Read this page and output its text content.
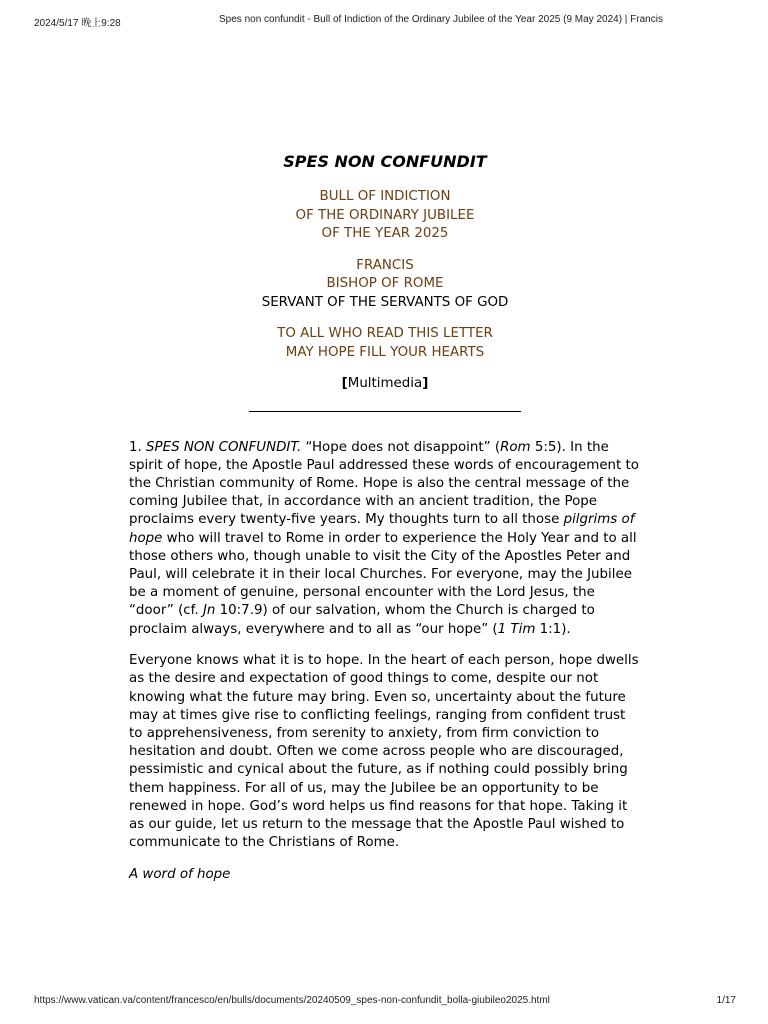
2024/5/17 晚上9:28	Spes non confundit - Bull of Indiction of the Ordinary Jubilee of the Year 2025 (9 May 2024) | Francis
SPES NON CONFUNDIT
BULL OF INDICTION
OF THE ORDINARY JUBILEE
OF THE YEAR 2025
FRANCIS
BISHOP OF ROME
SERVANT OF THE SERVANTS OF GOD
TO ALL WHO READ THIS LETTER
MAY HOPE FILL YOUR HEARTS
[Multimedia]

1. SPES NON CONFUNDIT. “Hope does not disappoint” (Rom 5:5). In the spirit of hope, the Apostle Paul addressed these words of encouragement to the Christian community of Rome. Hope is also the central message of the coming Jubilee that, in accordance with an ancient tradition, the Pope proclaims every twenty-five years. My thoughts turn to all those pilgrims of hope who will travel to Rome in order to experience the Holy Year and to all those others who, though unable to visit the City of the Apostles Peter and Paul, will celebrate it in their local Churches. For everyone, may the Jubilee be a moment of genuine, personal encounter with the Lord Jesus, the “door” (cf. Jn 10:7.9) of our salvation, whom the Church is charged to proclaim always, everywhere and to all as “our hope” (1 Tim 1:1).

Everyone knows what it is to hope. In the heart of each person, hope dwells as the desire and expectation of good things to come, despite our not knowing what the future may bring. Even so, uncertainty about the future may at times give rise to conflicting feelings, ranging from confident trust to apprehensiveness, from serenity to anxiety, from firm conviction to hesitation and doubt. Often we come across people who are discouraged, pessimistic and cynical about the future, as if nothing could possibly bring them happiness. For all of us, may the Jubilee be an opportunity to be renewed in hope. God’s word helps us find reasons for that hope. Taking it as our guide, let us return to the message that the Apostle Paul wished to communicate to the Christians of Rome.

A word of hope

https://www.vatican.va/content/francesco/en/bulls/documents/20240509_spes-non-confundit_bolla-giubileo2025.html	1/17
